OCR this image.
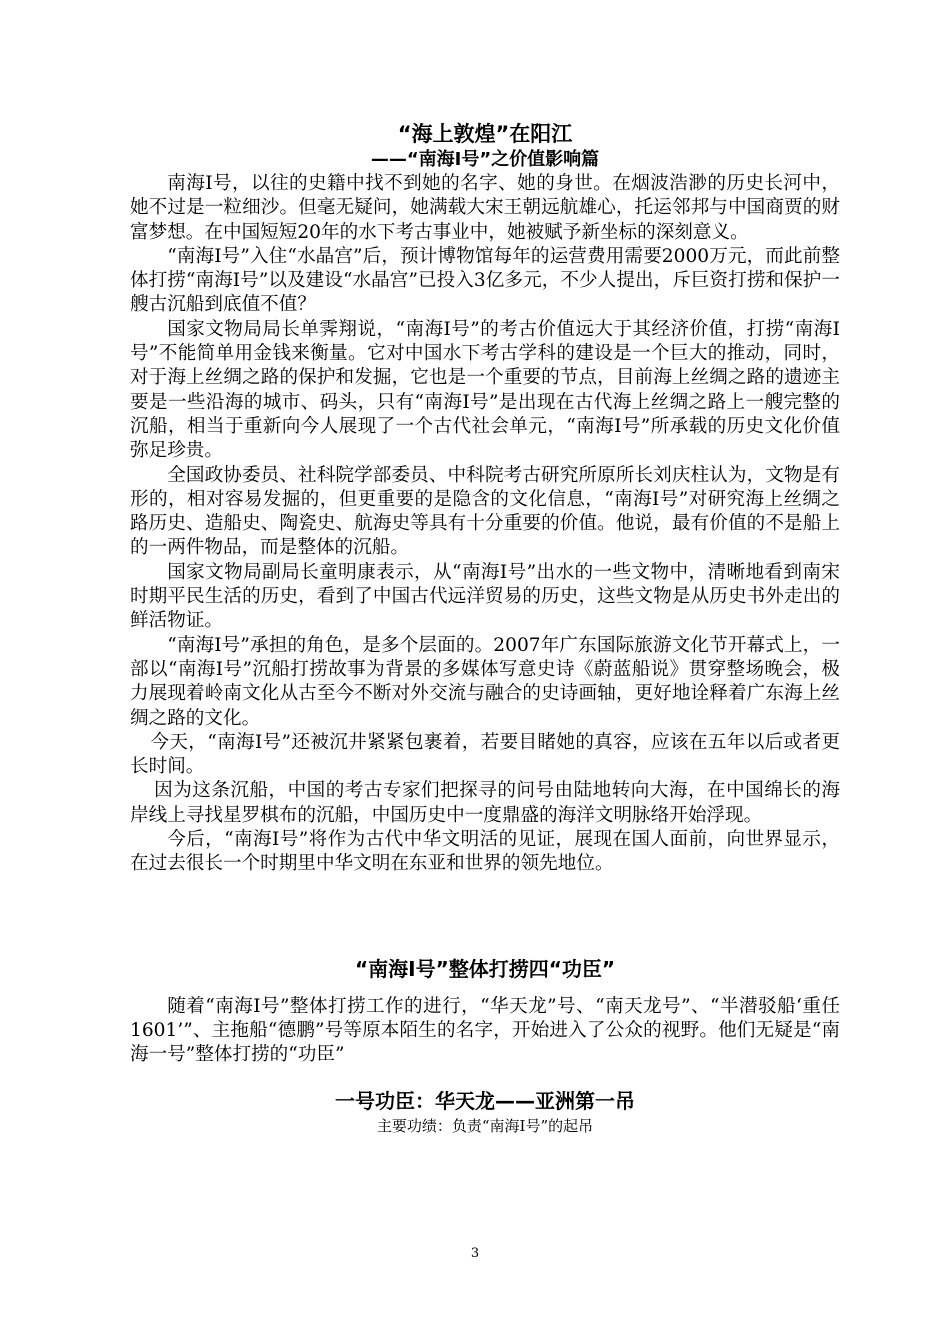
“海上敦煌”在阳江
——“南海Ⅰ号”之价值影响篇

南海I号，以往的史籍中找不到她的名字、她的身世。在烟波浩渺的历史长河中，她不过是一粒细沙。但毫无疑问，她满载大宋王朝远航雄心，托运邻邦与中国商贾的财富梦想。在中国短短20年的水下考古事业中，她被赋予新坐标的深刻意义。

“南海I号”入住“水晶宫”后，预计博物馆每年的运营费用需要2000万元，而此前整体打捞“南海I号”以及建设“水晶宫”已投入3亿多元，不少人提出，斥巨资打捞和保护一艘古沉船到底值不值？

国家文物局局长单霁翔说，“南海I号”的考古价值远大于其经济价值，打捞“南海I号”不能简单用金钱来衡量。它对中国水下考古学科的建设是一个巨大的推动，同时，对于海上丝绸之路的保护和发掘，它也是一个重要的节点，目前海上丝绸之路的遗迹主要是一些沿海的城市、码头，只有“南海I号”是出现在古代海上丝绸之路上一艘完整的沉船，相当于重新向今人展现了一个古代社会单元，“南海I号”所承载的历史文化价值弥足珍贵。

全国政协委员、社科院学部委员、中科院考古研究所原所长刘庆柱认为，文物是有形的，相对容易发掘的，但更重要的是隐含的文化信息，“南海I号”对研究海上丝绸之路历史、造船史、陶瓷史、航海史等具有十分重要的价值。他说，最有价值的不是船上的一两件物品，而是整体的沉船。

国家文物局副局长童明康表示，从“南海I号”出水的一些文物中，清晰地看到南宋时期平民生活的历史，看到了中国古代远洋贸易的历史，这些文物是从历史书外走出的鲜活物证。

“南海I号”承担的角色，是多个层面的。2007年广东国际旅游文化节开幕式上，一部以“南海I号”沉船打捞故事为背景的多媒体写意史诗《蔚蓝船说》贯穿整场晚会，极力展现着岭南文化从古至今不断对外交流与融合的史诗画轴，更好地诠释着广东海上丝绸之路的文化。

今天，“南海I号”还被沉井紧紧包裹着，若要目睹她的真容，应该在五年以后或者更长时间。

因为这条沉船，中国的考古专家们把探寻的问号由陆地转向大海，在中国绵长的海岸线上寻找星罗棋布的沉船，中国历史中一度鼎盛的海洋文明脉络开始浮现。

今后，“南海I号”将作为古代中华文明活的见证，展现在国人面前，向世界显示，在过去很长一个时期里中华文明在东亚和世界的领先地位。

“南海Ⅰ号”整体打捞四“功臣”

随着“南海I号”整体打捞工作的进行，“华天龙”号、“南天龙号”、“半潜驳船‘重任1601’”、主拖船“德鹏”号等原本陌生的名字，开始进入了公众的视野。他们无疑是“南海一号”整体打捞的“功臣”

一号功臣：华天龙——亚洲第一吊

主要功绩：负责“南海I号”的起吊

3
